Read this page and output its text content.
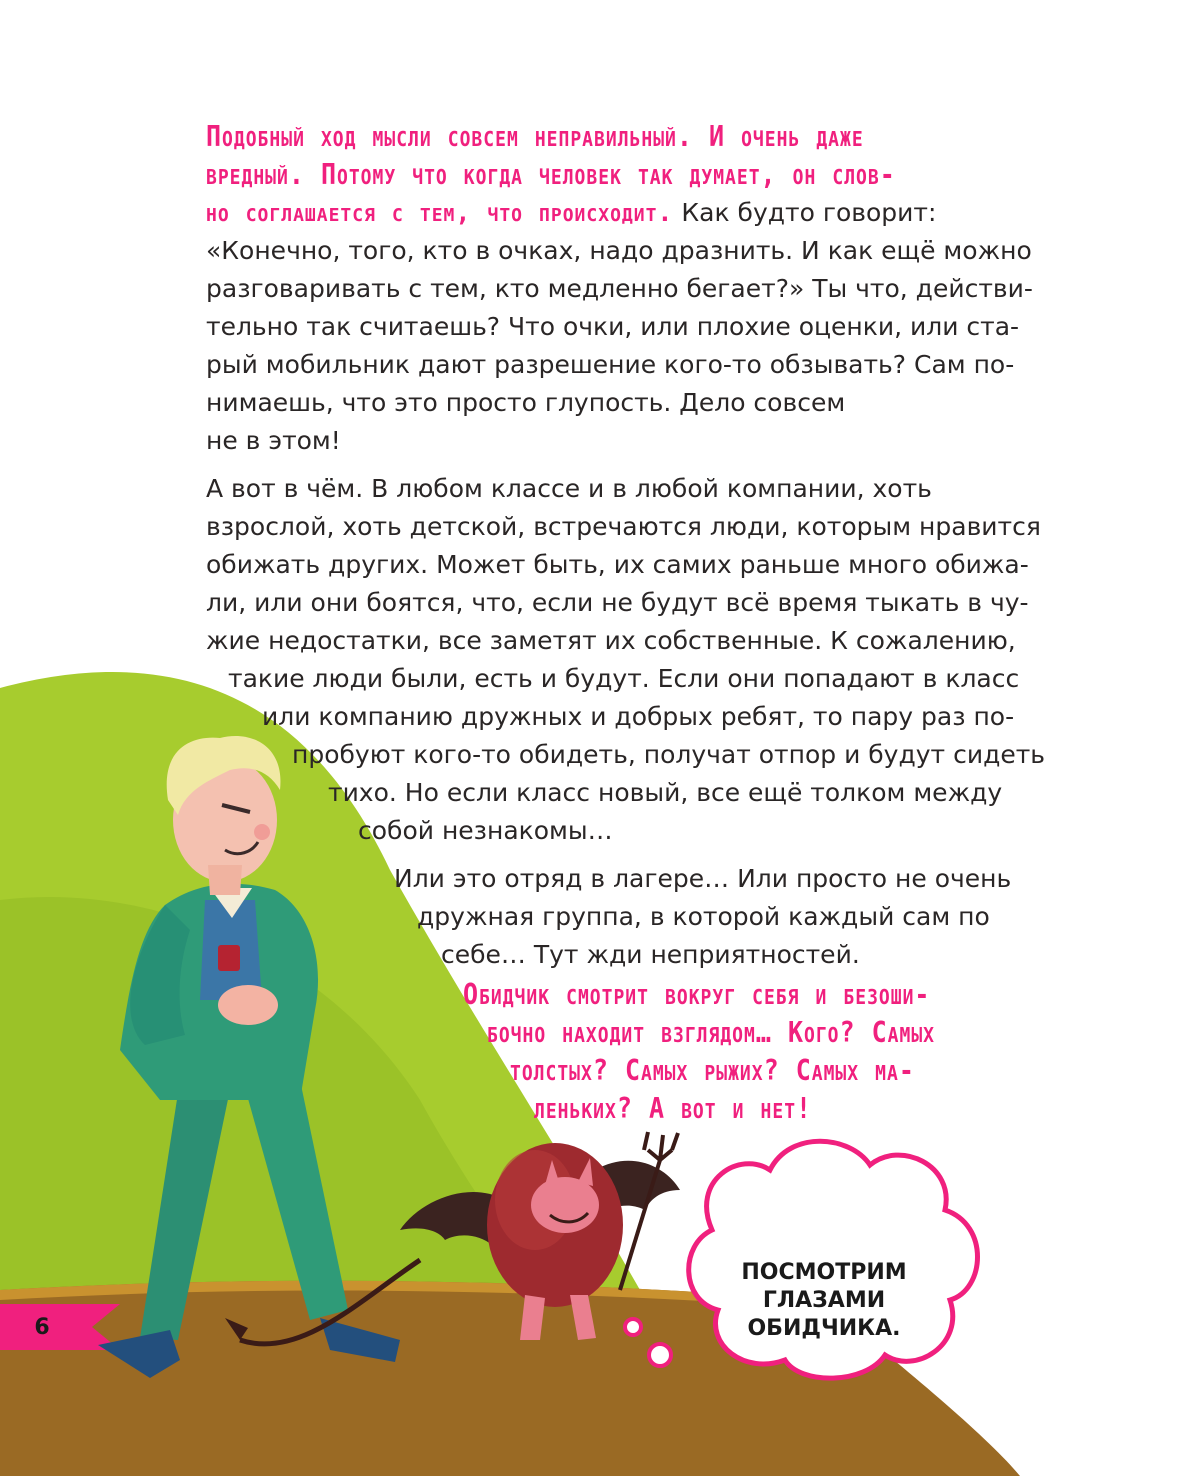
Подобный ход мысли совсем неправильный. И очень даже
вредный. Потому что когда человек так думает, он слов-
но соглашается с тем, что происходит. Как будто говорит:
«Конечно, того, кто в очках, надо дразнить. И как ещё можно
разговаривать с тем, кто медленно бегает?» Ты что, действи-
тельно так считаешь? Что очки, или плохие оценки, или ста-
рый мобильник дают разрешение кого-то обзывать? Сам по-
нимаешь, что это просто глупость. Дело совсем
не в этом!
А вот в чём. В любом классе и в любой компании, хоть
взрослой, хоть детской, встречаются люди, которым нравится
обижать других. Может быть, их самих раньше много обижа-
ли, или они боятся, что, если не будут всё время тыкать в чу-
жие недостатки, все заметят их собственные. К сожалению,
такие люди были, есть и будут. Если они попадают в класс
или компанию дружных и добрых ребят, то пару раз по-
пробуют кого-то обидеть, получат отпор и будут сидеть
тихо. Но если класс новый, все ещё толком между
собой незнакомы…
Или это отряд в лагере… Или просто не очень
дружная группа, в которой каждый сам по
себе… Тут жди неприятностей.
Обидчик смотрит вокруг себя и безоши-
бочно находит взглядом… Кого? Самых
толстых? Самых рыжих? Самых ма-
леньких? А вот и нет!
ПОСМОТРИМ ГЛАЗАМИ ОБИДЧИКА.
6
